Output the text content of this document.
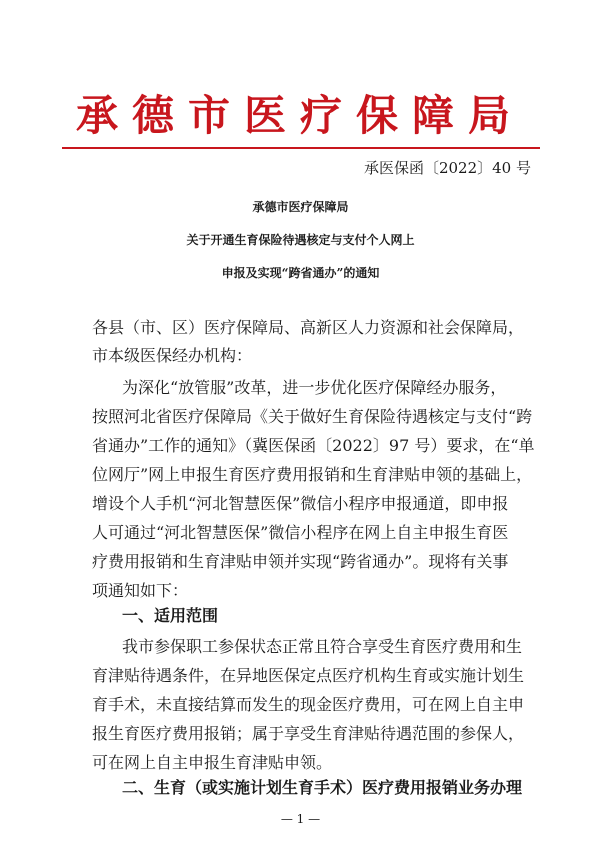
承德市医疗保障局
承医保函〔2022〕40 号
承德市医疗保障局
关于开通生育保险待遇核定与支付个人网上
申报及实现“跨省通办”的通知
各县（市、区）医疗保障局、高新区人力资源和社会保障局，
市本级医保经办机构：
为深化“放管服”改革，进一步优化医疗保障经办服务，
按照河北省医疗保障局《关于做好生育保险待遇核定与支付“跨
省通办”工作的通知》（冀医保函〔2022〕97 号）要求，在“单
位网厅”网上申报生育医疗费用报销和生育津贴申领的基础上，
增设个人手机“河北智慧医保”微信小程序申报通道，即申报
人可通过“河北智慧医保”微信小程序在网上自主申报生育医
疗费用报销和生育津贴申领并实现“跨省通办”。现将有关事
项通知如下：
一、适用范围
我市参保职工参保状态正常且符合享受生育医疗费用和生
育津贴待遇条件，在异地医保定点医疗机构生育或实施计划生
育手术，未直接结算而发生的现金医疗费用，可在网上自主申
报生育医疗费用报销；属于享受生育津贴待遇范围的参保人，
可在网上自主申报生育津贴申领。
二、生育（或实施计划生育手术）医疗费用报销业务办理
— 1 —
